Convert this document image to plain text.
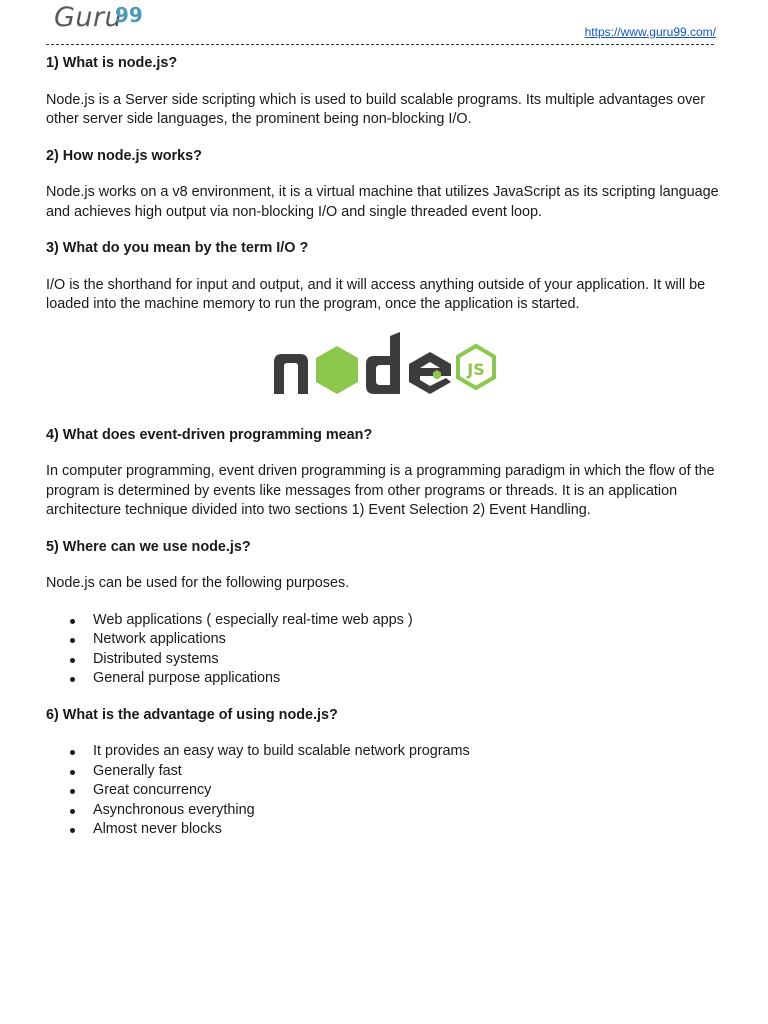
Guru
99
https://www.guru99.com/

1) What is node.js?

Node.js is a Server side scripting which is used to build scalable programs. Its multiple advantages over other server side languages, the prominent being non-blocking I/O.

2) How node.js works?

Node.js works on a v8 environment, it is a virtual machine that utilizes JavaScript as its scripting language and achieves high output via non-blocking I/O and single threaded event loop.

3) What do you mean by the term I/O ?

I/O is the shorthand for input and output, and it will access anything outside of your application. It will be loaded into the machine memory to run the program, once the application is started.

JS

4) What does event-driven programming mean?

In computer programming, event driven programming is a programming paradigm in which the flow of the program is determined by events like messages from other programs or threads. It is an application architecture technique divided into two sections 1) Event Selection 2) Event Handling.

5) Where can we use node.js?

Node.js can be used for the following purposes.

Web applications ( especially real-time web apps )
Network applications
Distributed systems
General purpose applications

6) What is the advantage of using node.js?

It provides an easy way to build scalable network programs
Generally fast
Great concurrency
Asynchronous everything
Almost never blocks
